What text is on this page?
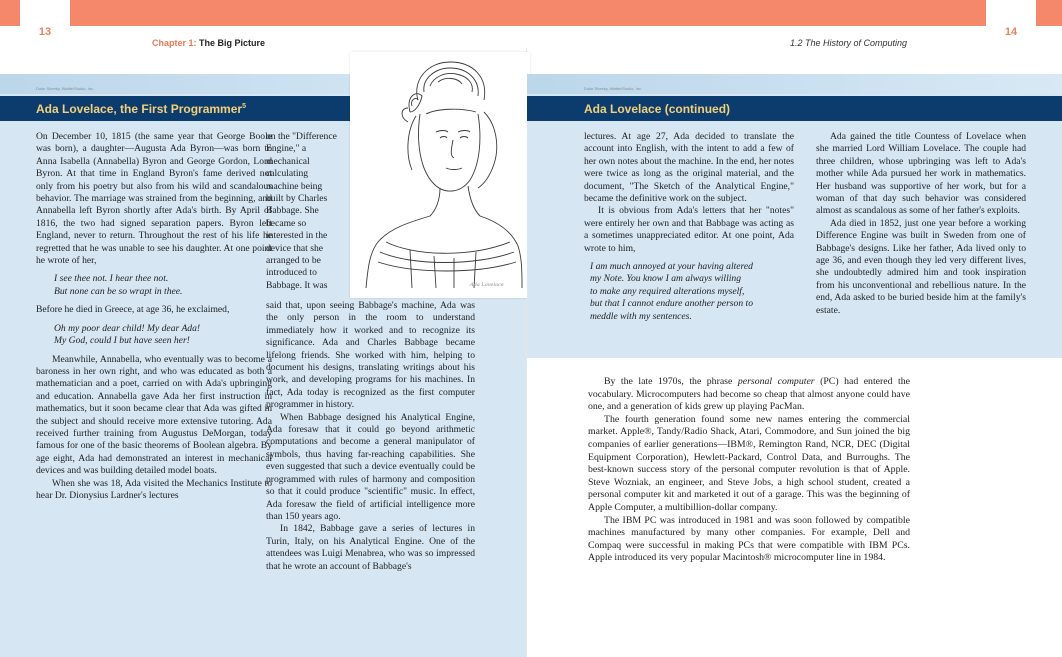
13	14
Chapter 1: The Big Picture	1.2 The History of Computing
Duke Sheeky, Wattle/Studio, Inc.
Ada Lovelace, the First Programmer$^5$

On December 10, 1815 (the same year that George Boole was born), a daughter—Augusta Ada Byron—was born to Anna Isabella (Annabella) Byron and George Gordon, Lord Byron. At that time in England Byron's fame derived not only from his poetry but also from his wild and scandalous behavior. The marriage was strained from the beginning, and Annabella left Byron shortly after Ada's birth. By April of 1816, the two had signed separation papers. Byron left England, never to return. Throughout the rest of his life he regretted that he was unable to see his daughter. At one point he wrote of her,

I see thee not. I hear thee not.
But none can be so wrapt in thee.

Before he died in Greece, at age 36, he exclaimed,

Oh my poor dear child! My dear Ada!
My God, could I but have seen her!

Meanwhile, Annabella, who eventually was to become a baroness in her own right, and who was educated as both a mathematician and a poet, carried on with Ada's upbringing and education. Annabella gave Ada her first instruction in mathematics, but it soon became clear that Ada was gifted in the subject and should receive more extensive tutoring. Ada received further training from Augustus DeMorgan, today famous for one of the basic theorems of Boolean algebra. By age eight, Ada had demonstrated an interest in mechanical devices and was building detailed model boats.

When she was 18, Ada visited the Mechanics Institute to hear Dr. Dionysius Lardner's lectures

on the "Difference Engine," a mechanical calculating machine being built by Charles Babbage. She became so interested in the device that she arranged to be introduced to Babbage. It was

said that, upon seeing Babbage's machine, Ada was the only person in the room to understand immediately how it worked and to recognize its significance. Ada and Charles Babbage became lifelong friends. She worked with him, helping to document his designs, translating writings about his work, and developing programs for his machines. In fact, Ada today is recognized as the first computer programmer in history.

When Babbage designed his Analytical Engine, Ada foresaw that it could go beyond arithmetic computations and become a general manipulator of symbols, thus having far-reaching capabilities. She even suggested that such a device eventually could be programmed with rules of harmony and composition so that it could produce "scientific" music. In effect, Ada foresaw the field of artificial intelligence more than 150 years ago.

In 1842, Babbage gave a series of lectures in Turin, Italy, on his Analytical Engine. One of the attendees was Luigi Menabrea, who was so impressed that he wrote an account of Babbage's

Ada Lovelace
Duke Sheeky, Wattle/Studio, Inc.
Ada Lovelace (continued)

lectures. At age 27, Ada decided to translate the account into English, with the intent to add a few of her own notes about the machine. In the end, her notes were twice as long as the original material, and the document, "The Sketch of the Analytical Engine," became the definitive work on the subject.

It is obvious from Ada's letters that her "notes" were entirely her own and that Babbage was acting as a sometimes unappreciated editor. At one point, Ada wrote to him,

I am much annoyed at your having altered
my Note. You know I am always willing
to make any required alterations myself,
but that I cannot endure another person to
meddle with my sentences.

Ada gained the title Countess of Lovelace when she married Lord William Lovelace. The couple had three children, whose upbringing was left to Ada's mother while Ada pursued her work in mathematics. Her husband was supportive of her work, but for a woman of that day such behavior was considered almost as scandalous as some of her father's exploits.

Ada died in 1852, just one year before a working Difference Engine was built in Sweden from one of Babbage's designs. Like her father, Ada lived only to age 36, and even though they led very different lives, she undoubtedly admired him and took inspiration from his unconventional and rebellious nature. In the end, Ada asked to be buried beside him at the family's estate.

By the late 1970s, the phrase personal computer (PC) had entered the vocabulary. Microcomputers had become so cheap that almost anyone could have one, and a generation of kids grew up playing PacMan.

The fourth generation found some new names entering the commercial market. Apple®, Tandy/Radio Shack, Atari, Commodore, and Sun joined the big companies of earlier generations—IBM®, Remington Rand, NCR, DEC (Digital Equipment Corporation), Hewlett-Packard, Control Data, and Burroughs. The best-known success story of the personal computer revolution is that of Apple. Steve Wozniak, an engineer, and Steve Jobs, a high school student, created a personal computer kit and marketed it out of a garage. This was the beginning of Apple Computer, a multibillion-dollar company.

The IBM PC was introduced in 1981 and was soon followed by compatible machines manufactured by many other companies. For example, Dell and Compaq were successful in making PCs that were compatible with IBM PCs. Apple introduced its very popular Macintosh® microcomputer line in 1984.
